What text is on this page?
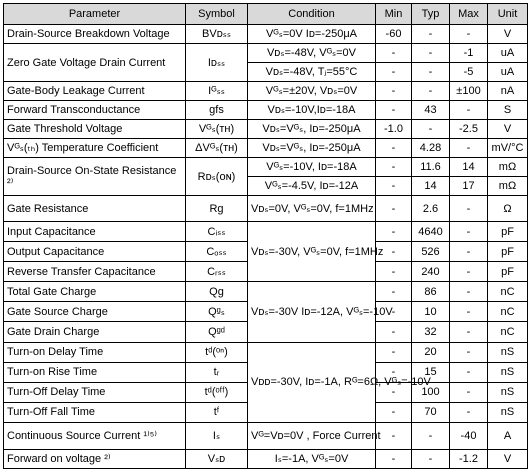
Parameter	Symbol	Condition	Min	Typ	Max	Unit
Drain-Source Breakdown Voltage	BVᴅₛₛ	Vᴳₛ=0V Iᴅ=-250μA	-60	-	-	V
Zero Gate Voltage Drain Current	Iᴅₛₛ	Vᴅₛ=-48V, Vᴳₛ=0V	-	-	-1	uA
		Vᴅₛ=-48V, Tⱼ=55°C	-	-	-5	uA
Gate-Body Leakage Current	Iᴳₛₛ	Vᴳₛ=±20V, Vᴅₛ=0V	-	-	±100	nA
Forward Transconductance	gfs	Vᴅₛ=-10V,Iᴅ=-18A	-	43	-	S
Gate Threshold Voltage	Vᴳₛ(ᴛʜ)	Vᴅₛ=Vᴳₛ, Iᴅ=-250μA	-1.0	-	-2.5	V
Vᴳₛ(ₜₕ) Temperature Coefficient	ΔVᴳₛ(ᴛʜ)	Vᴅₛ=Vᴳₛ, Iᴅ=-250μA	-	4.28	-	mV/°C
Drain-Source On-State Resistance ²⁾	Rᴅₛ(ᴏɴ)	Vᴳₛ=-10V, Iᴅ=-18A	-	11.6	14	mΩ
		Vᴳₛ=-4.5V, Iᴅ=-12A	-	14	17	mΩ
Gate Resistance	Rg	Vᴅₛ=0V, Vᴳₛ=0V, f=1MHz	-	2.6	-	Ω
Input Capacitance	Cᵢₛₛ	Vᴅₛ=-30V, Vᴳₛ=0V, f=1MHz	-	4640	-	pF
Output Capacitance	Cₒₛₛ		-	526	-	pF
Reverse Transfer Capacitance	Cᵣₛₛ		-	240	-	pF
Total Gate Charge	Qg	Vᴅₛ=-30V Iᴅ=-12A, Vᴳₛ=-10V	-	86	-	nC
Gate Source Charge	Qᵍₛ		-	10	-	nC
Gate Drain Charge	Qᵍᵈ		-	32	-	nC
Turn-on Delay Time	tᵈ(ᵒⁿ)	Vᴅᴅ=-30V, Iᴅ=-1A, Rᴳ=6Ω, Vᴳₛ=-10V	-	20	-	nS
Turn-on Rise Time	tᵣ		-	15	-	nS
Turn-Off Delay Time	tᵈ(ᵒᶠᶠ)		-	100	-	nS
Turn-Off Fall Time	tᶠ		-	70	-	nS
Continuous Source Current ¹⁾⁵⁾	Iₛ	Vᴳ=Vᴅ=0V , Force Current	-	-	-40	A
Forward on voltage ²⁾	Vₛᴅ	Iₛ=-1A, Vᴳₛ=0V	-	-	-1.2	V
